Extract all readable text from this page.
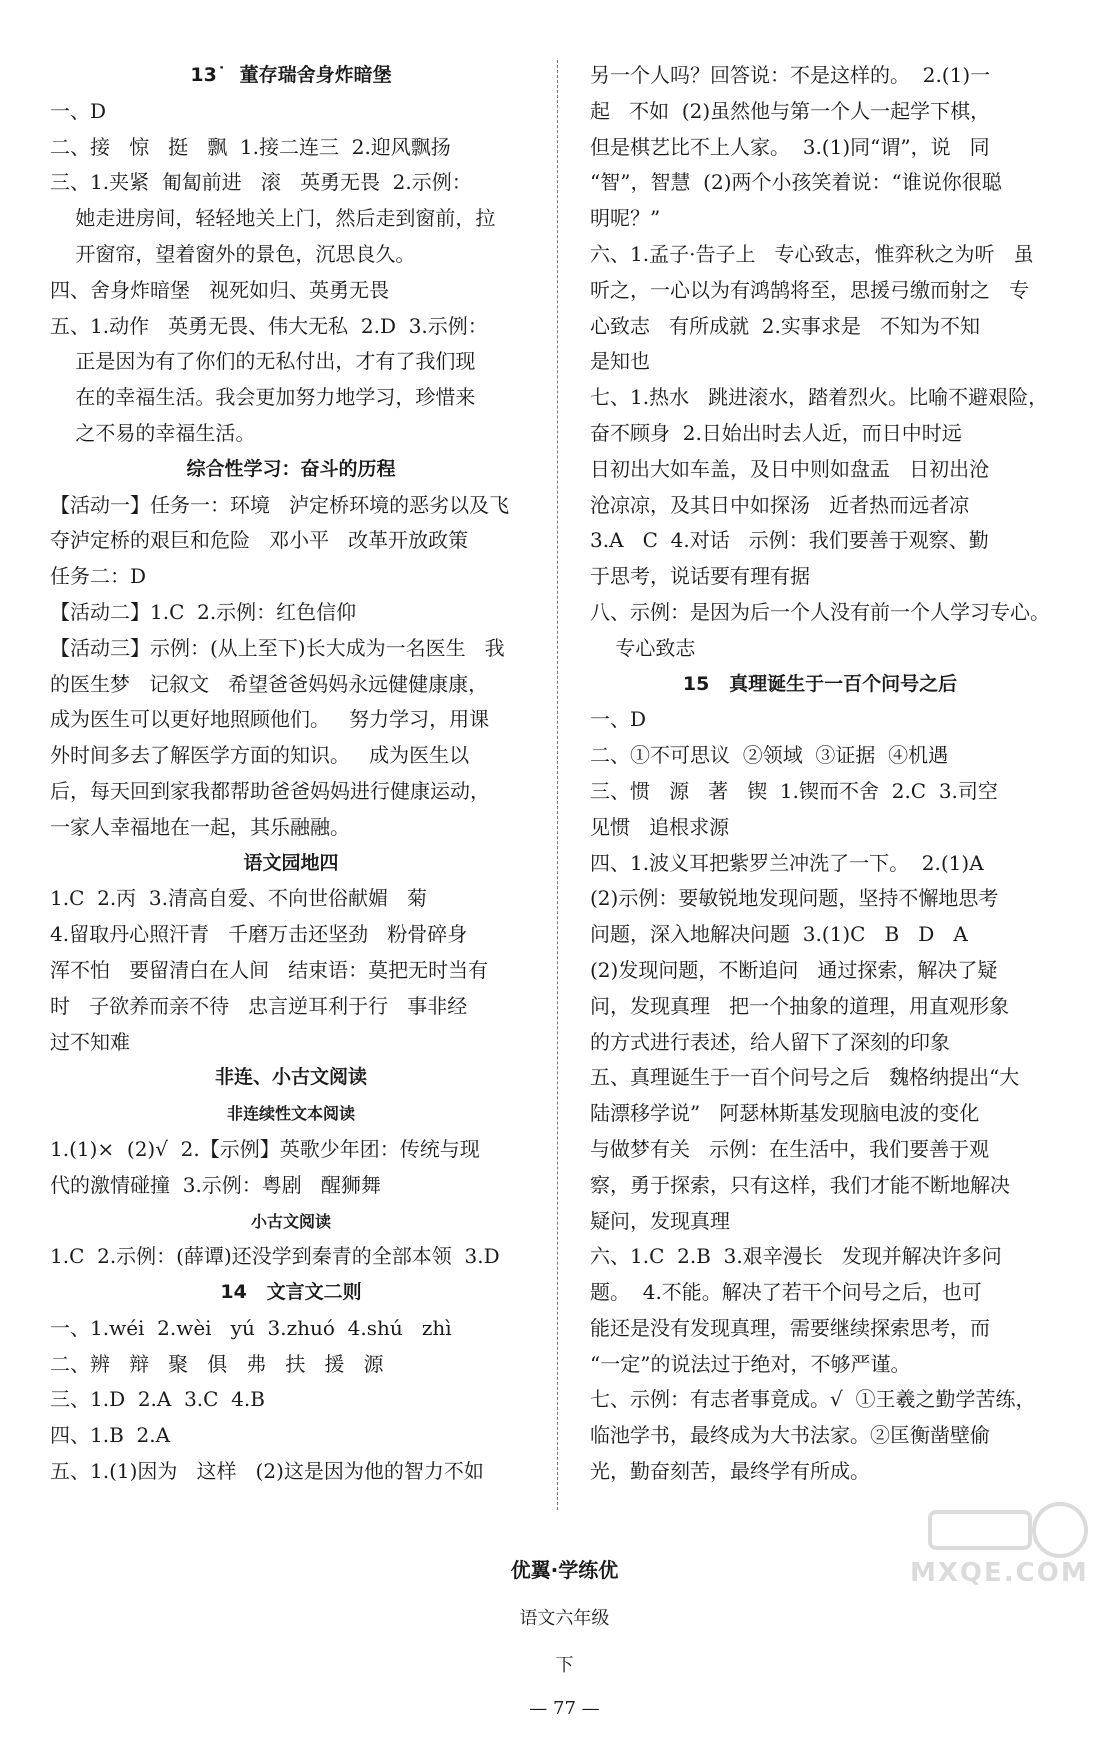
13˙  董存瑞舍身炸暗堡
一、D
二、接   惊   挺   飘  1.接二连三  2.迎风飘扬
三、1.夹紧  匍匐前进   滚   英勇无畏  2.示例：
她走进房间，轻轻地关上门，然后走到窗前，拉
开窗帘，望着窗外的景色，沉思良久。
四、舍身炸暗堡   视死如归、英勇无畏
五、1.动作   英勇无畏、伟大无私  2.D  3.示例：
正是因为有了你们的无私付出，才有了我们现
在的幸福生活。我会更加努力地学习，珍惜来
之不易的幸福生活。
综合性学习：奋斗的历程
【活动一】任务一：环境   泸定桥环境的恶劣以及飞
夺泸定桥的艰巨和危险   邓小平   改革开放政策
任务二：D
【活动二】1.C  2.示例：红色信仰
【活动三】示例：(从上至下)长大成为一名医生   我
的医生梦   记叙文   希望爸爸妈妈永远健健康康，
成为医生可以更好地照顾他们。   努力学习，用课
外时间多去了解医学方面的知识。   成为医生以
后，每天回到家我都帮助爸爸妈妈进行健康运动，
一家人幸福地在一起，其乐融融。
语文园地四
1.C  2.丙  3.清高自爱、不向世俗献媚   菊
4.留取丹心照汗青   千磨万击还坚劲   粉骨碎身
浑不怕   要留清白在人间   结束语：莫把无时当有
时   子欲养而亲不待   忠言逆耳利于行   事非经
过不知难
非连、小古文阅读
非连续性文本阅读
1.(1)×  (2)√  2.【示例】英歌少年团：传统与现
代的激情碰撞  3.示例：粤剧   醒狮舞
小古文阅读
1.C  2.示例：(薛谭)还没学到秦青的全部本领  3.D
14   文言文二则
一、1.wéi  2.wèi   yú  3.zhuó  4.shú   zhì
二、辨   辩   聚   俱   弗   扶   援   源
三、1.D  2.A  3.C  4.B
四、1.B  2.A
五、1.(1)因为   这样   (2)这是因为他的智力不如
另一个人吗？回答说：不是这样的。  2.(1)一
起   不如  (2)虽然他与第一个人一起学下棋，
但是棋艺比不上人家。  3.(1)同“谓”，说   同
“智”，智慧  (2)两个小孩笑着说：“谁说你很聪
明呢？”
六、1.孟子·告子上   专心致志，惟弈秋之为听   虽
听之，一心以为有鸿鹄将至，思援弓缴而射之   专
心致志   有所成就  2.实事求是   不知为不知
是知也
七、1.热水   跳进滚水，踏着烈火。比喻不避艰险，
奋不顾身  2.日始出时去人近，而日中时远
日初出大如车盖，及日中则如盘盂   日初出沧
沧凉凉，及其日中如探汤   近者热而远者凉
3.A   C  4.对话   示例：我们要善于观察、勤
于思考，说话要有理有据
八、示例：是因为后一个人没有前一个人学习专心。
专心致志
15   真理诞生于一百个问号之后
一、D
二、①不可思议  ②领域  ③证据  ④机遇
三、惯   源   著   锲  1.锲而不舍  2.C  3.司空
见惯   追根求源
四、1.波义耳把紫罗兰冲洗了一下。  2.(1)A
(2)示例：要敏锐地发现问题，坚持不懈地思考
问题，深入地解决问题  3.(1)C   B   D   A
(2)发现问题，不断追问   通过探索，解决了疑
问，发现真理   把一个抽象的道理，用直观形象
的方式进行表述，给人留下了深刻的印象
五、真理诞生于一百个问号之后   魏格纳提出“大
陆漂移学说”   阿瑟林斯基发现脑电波的变化
与做梦有关   示例：在生活中，我们要善于观
察，勇于探索，只有这样，我们才能不断地解决
疑问，发现真理
六、1.C  2.B  3.艰辛漫长   发现并解决许多问
题。  4.不能。解决了若干个问号之后，也可
能还是没有发现真理，需要继续探索思考，而
“一定”的说法过于绝对，不够严谨。
七、示例：有志者事竟成。√  ①王羲之勤学苦练，
临池学书，最终成为大书法家。②匡衡凿壁偷
光，勤奋刻苦，最终学有所成。

优翼·学练优

语文六年级

下

— 77 —

MXQE.COM
